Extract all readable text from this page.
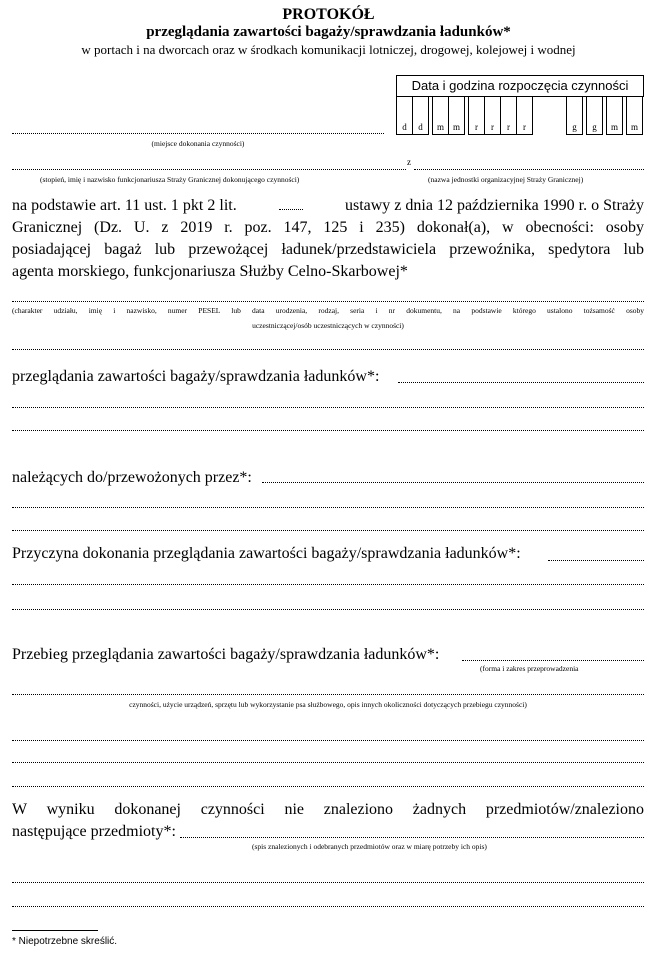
PROTOKÓŁ
przeglądania zawartości bagaży/sprawdzania ładunków*
w portach i na dworcach oraz w środkach komunikacji lotniczej, drogowej, kolejowej i wodnej
Data i godzina rozpoczęcia czynności
d	d	m m	r	r	r	r	g	g	m	m
(miejsce dokonania czynności)
z
(stopień, imię i nazwisko funkcjonariusza Straży Granicznej dokonującego czynności)	(nazwa jednostki organizacyjnej Straży Granicznej)
na podstawie art. 11 ust. 1 pkt 2 lit.	ustawy z dnia 12 października 1990 r. o Straży
Granicznej (Dz. U. z 2019 r. poz. 147, 125 i 235) dokonał(a), w obecności: osoby
posiadającej bagaż lub przewożącej ładunek/przedstawiciela przewoźnika, spedytora lub
agenta morskiego, funkcjonariusza Służby Celno-Skarbowej*
(charakter udziału, imię i nazwisko, numer PESEL lub data urodzenia, rodzaj, seria i nr dokumentu, na podstawie którego ustalono tożsamość osoby
uczestniczącej/osób uczestniczących w czynności)
przeglądania zawartości bagaży/sprawdzania ładunków*:
należących do/przewożonych przez*:
Przyczyna dokonania przeglądania zawartości bagaży/sprawdzania ładunków*:
Przebieg przeglądania zawartości bagaży/sprawdzania ładunków*:
(forma i zakres przeprowadzenia
czynności, użycie urządzeń, sprzętu lub wykorzystanie psa służbowego, opis innych okoliczności dotyczących przebiegu czynności)
W wyniku dokonanej czynności nie znaleziono żadnych przedmiotów/znaleziono
następujące przedmioty*:
(spis znalezionych i odebranych przedmiotów oraz w miarę potrzeby ich opis)
* Niepotrzebne skreślić.
